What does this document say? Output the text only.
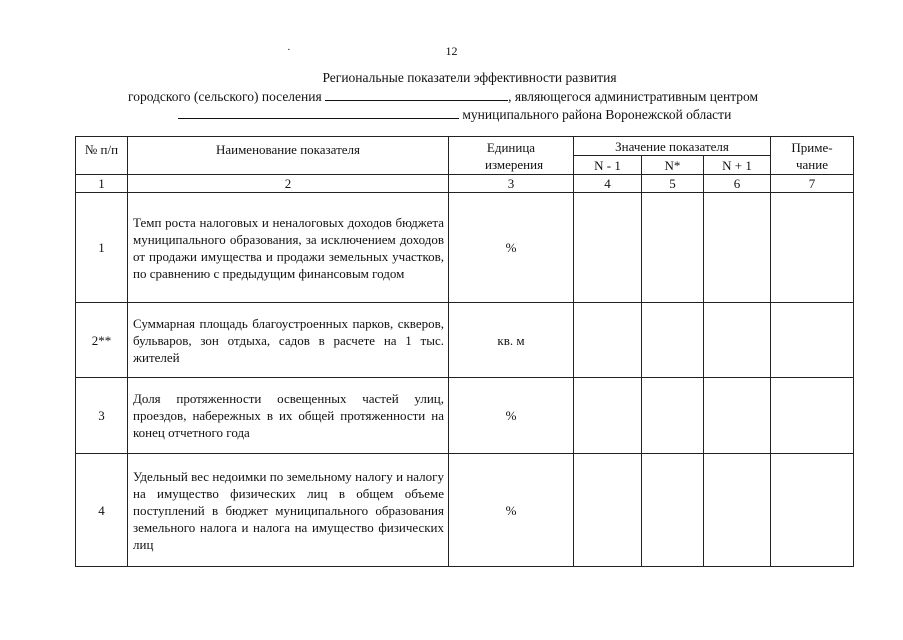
·	12
Региональные показатели эффективности развития
городского (сельского) поселения	, являющегося административным центром
муниципального района Воронежской области
№ п/п	Наименование показателя	Единица измерения	Значение показателя			Приме- чание
			N - 1	N*	N + 1	
1	2	3	4	5	6	7
1	Темп роста налоговых и неналоговых доходов бюджета муниципального образования, за исключением доходов от продажи имущества и продажи земельных участков, по сравнению с предыдущим финансовым годом	%				
2**	Суммарная площадь благоустроенных парков, скверов, бульваров, зон отдыха, садов в расчете на 1 тыс. жителей	кв. м				
3	Доля протяженности освещенных частей улиц, проездов, набережных в их общей протяженности на конец отчетного года	%				
4	Удельный вес недоимки по земельному налогу и налогу на имущество физических лиц в общем объеме поступлений в бюджет муниципального образования земельного налога и налога на имущество физических лиц	%				
